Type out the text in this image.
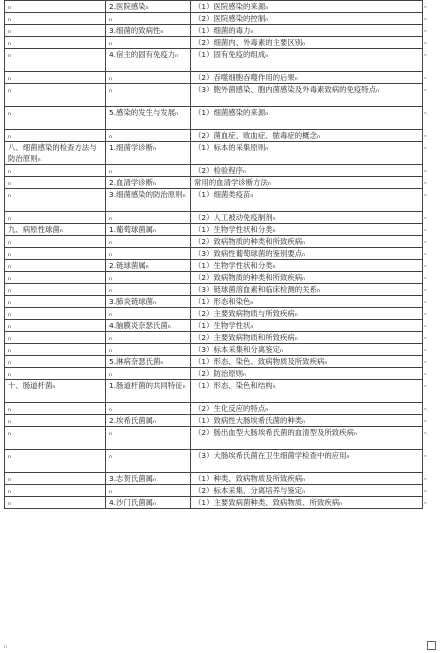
ₙ	2.医院感染ₙ	（1）医院感染的来源ₙ	ₙ
ₙ	ₙ	（2）医院感染的控制ₙ	ₙ
ₙ	3.细菌的致病性ₙ	（1）细菌的毒力ₙ	ₙ
ₙ	ₙ	（2）细菌内、外毒素的主要区别ₙ	ₙ
ₙ	4.宿主的固有免疫力ₙ	（1）固有免疫的组成ₙ	ₙ
ₙ	ₙ	（2）吞噬细胞吞噬作用的后果ₙ	ₙ
ₙ	ₙ	（3）胞外菌感染、胞内菌感染及外毒素致病的免疫特点ₙ	ₙ
ₙ	5.感染的发生与发展ₙ	（1）细菌感染的来源ₙ	ₙ
ₙ	ₙ	（2）菌血症、败血症、脓毒症的概念ₙ	ₙ
八、细菌感染的检查方法与防治原则ₙ	1.细菌学诊断ₙ	（1）标本的采集原则ₙ	ₙ
ₙ	ₙ	（2）检验程序ₙ	ₙ
ₙ	2.血清学诊断ₙ	常用的血清学诊断方法ₙ	ₙ
ₙ	3.细菌感染的防治原则ₙ	（1）细菌类疫苗ₙ	ₙ
ₙ	ₙ	（2）人工被动免疫制剂ₙ	ₙ
九、病原性球菌ₙ	1.葡萄球菌属ₙ	（1）生物学性状和分类ₙ	ₙ
ₙ	ₙ	（2）致病物质的种类和所致疾病ₙ	ₙ
ₙ	ₙ	（3）致病性葡萄球菌的鉴别要点ₙ	ₙ
ₙ	2.链球菌属ₙ	（1）生物学性状和分类ₙ	ₙ
ₙ	ₙ	（2）致病物质的种类和所致疾病ₙ	ₙ
ₙ	ₙ	（3）链球菌溶血素和临床检测的关系ₙ	ₙ
ₙ	3.肺炎链球菌ₙ	（1）形态和染色ₙ	ₙ
ₙ	ₙ	（2）主要致病物质与所致疾病ₙ	ₙ
ₙ	4.脑膜炎奈瑟氏菌ₙ	（1）生物学性状ₙ	ₙ
ₙ	ₙ	（2）主要致病物质和所致疾病ₙ	ₙ
ₙ	ₙ	（3）标本采集和分离鉴定ₙ	ₙ
ₙ	5.淋病奈瑟氏菌ₙ	（1）形态、染色、致病物质及所致疾病ₙ	ₙ
ₙ	ₙ	（2）防治原则ₙ	ₙ
十、肠道杆菌ₙ	1.肠道杆菌的共同特征ₙ	（1）形态、染色和结构ₙ	ₙ
ₙ	ₙ	（2）生化反应的特点ₙ	ₙ
ₙ	2.埃希氏菌属ₙ	（1）致病性大肠埃希氏菌的种类ₙ	ₙ
ₙ	ₙ	（2）肠出血型大肠埃希氏菌的血清型及所致疾病ₙ	ₙ
ₙ	ₙ	（3）大肠埃希氏菌在卫生细菌学检查中的应用ₙ	ₙ
ₙ	3.志贺氏菌属ₙ	（1）种类、致病物质及所致疾病ₙ	ₙ
ₙ	ₙ	（2）标本采集、分离培养与鉴定ₙ	ₙ
ₙ	4.沙门氏菌属ₙ	（1）主要致病菌种类、致病物质、所致疾病ₙ	ₙ
ₙ
